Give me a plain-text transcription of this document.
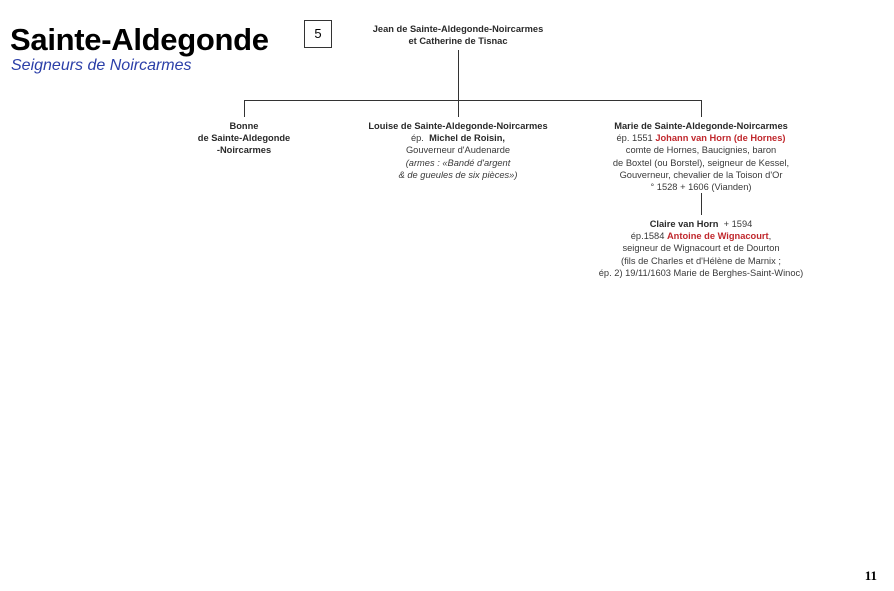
Sainte-Aldegonde
Seigneurs de Noircarmes
5	Jean de Sainte-Aldegonde-Noircarmes
et Catherine de Tisnac
Bonne
de Sainte-Aldegonde
-Noircarmes
Louise de Sainte-Aldegonde-Noircarmes
ép. Michel de Roisin,
Gouverneur d'Audenarde
(armes : «Bandé d'argent
& de gueules de six pièces»)
Marie de Sainte-Aldegonde-Noircarmes
ép. 1551 Johann van Horn (de Hornes)
comte de Hornes, Baucignies, baron
de Boxtel (ou Borstel), seigneur de Kessel,
Gouverneur, chevalier de la Toison d'Or
° 1528 + 1606 (Vianden)
Claire van Horn + 1594
ép.1584 Antoine de Wignacourt,
seigneur de Wignacourt et de Dourton
(fils de Charles et d'Hélène de Marnix ;
ép. 2) 19/11/1603 Marie de Berghes-Saint-Winoc)
11
